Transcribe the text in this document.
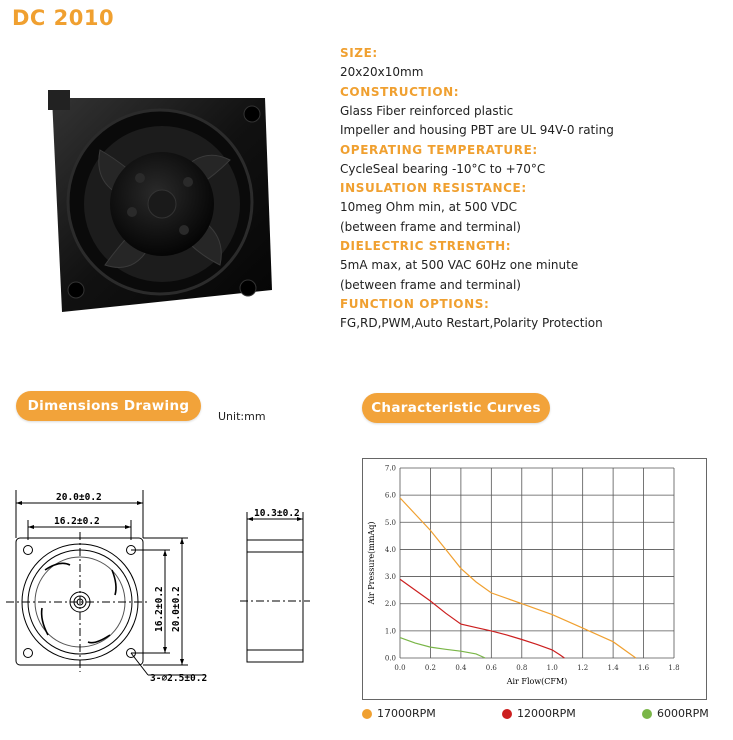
DC 2010
SIZE:
20x20x10mm
CONSTRUCTION:
Glass Fiber reinforced plastic
Impeller and housing PBT are UL 94V-0 rating
OPERATING TEMPERATURE:
CycleSeal bearing -10°C to +70°C
INSULATION RESISTANCE:
10meg Ohm min, at 500 VDC
(between frame and terminal)
DIELECTRIC STRENGTH:
5mA max, at 500 VAC 60Hz one minute
(between frame and terminal)
FUNCTION OPTIONS:
FG,RD,PWM,Auto Restart,Polarity Protection
Dimensions Drawing
Unit:mm
Characteristic Curves
20.0±0.2
16.2±0.2
16.2±0.2 20.0±0.2
3-⌀2.5±0.2
10.3±0.2
0.0	0.2	0.4	0.6	0.8	1.0	1.2	1.4	1.6	1.8
0.0
1.0
2.0
3.0
4.0
5.0
6.0
7.0
Air Flow(CFM)
Air Pressure(mmAq)
17000RPM	12000RPM	6000RPM
